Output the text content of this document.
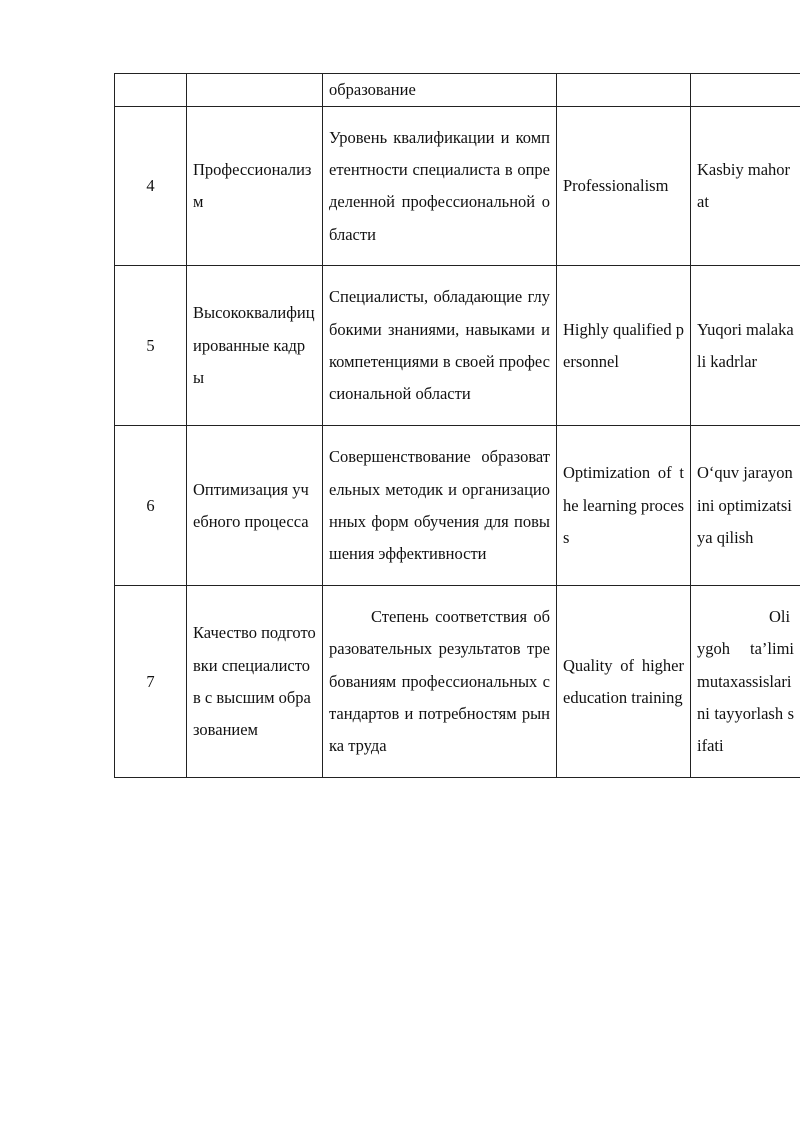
		образование		
4	Профессионализм	Уровень квалификации и компетентности специалиста в определенной профессиональной области	Professionalism	Kasbiy mahorat
5	Высококвалифицированные кадры	Специалисты, обладающие глубокими знаниями, навыками и компетенциями в своей профессиональной области	Highly qualified personnel	Yuqori malakali kadrlar
6	Оптимизация учебного процесса	Совершенствование образовательных методик и организационных форм обучения для повышения эффективности	Optimization of the learning process	O‘quv jarayonini optimizatsiya qilish
7	Качество подготовки специалистов с высшим образованием	Степень соответствия образовательных результатов требованиям профессиональных стандартов и потребностям рынка труда	Quality of higher education training	Oliygoh ta’limi mutaxassislarini tayyorlash sifati
